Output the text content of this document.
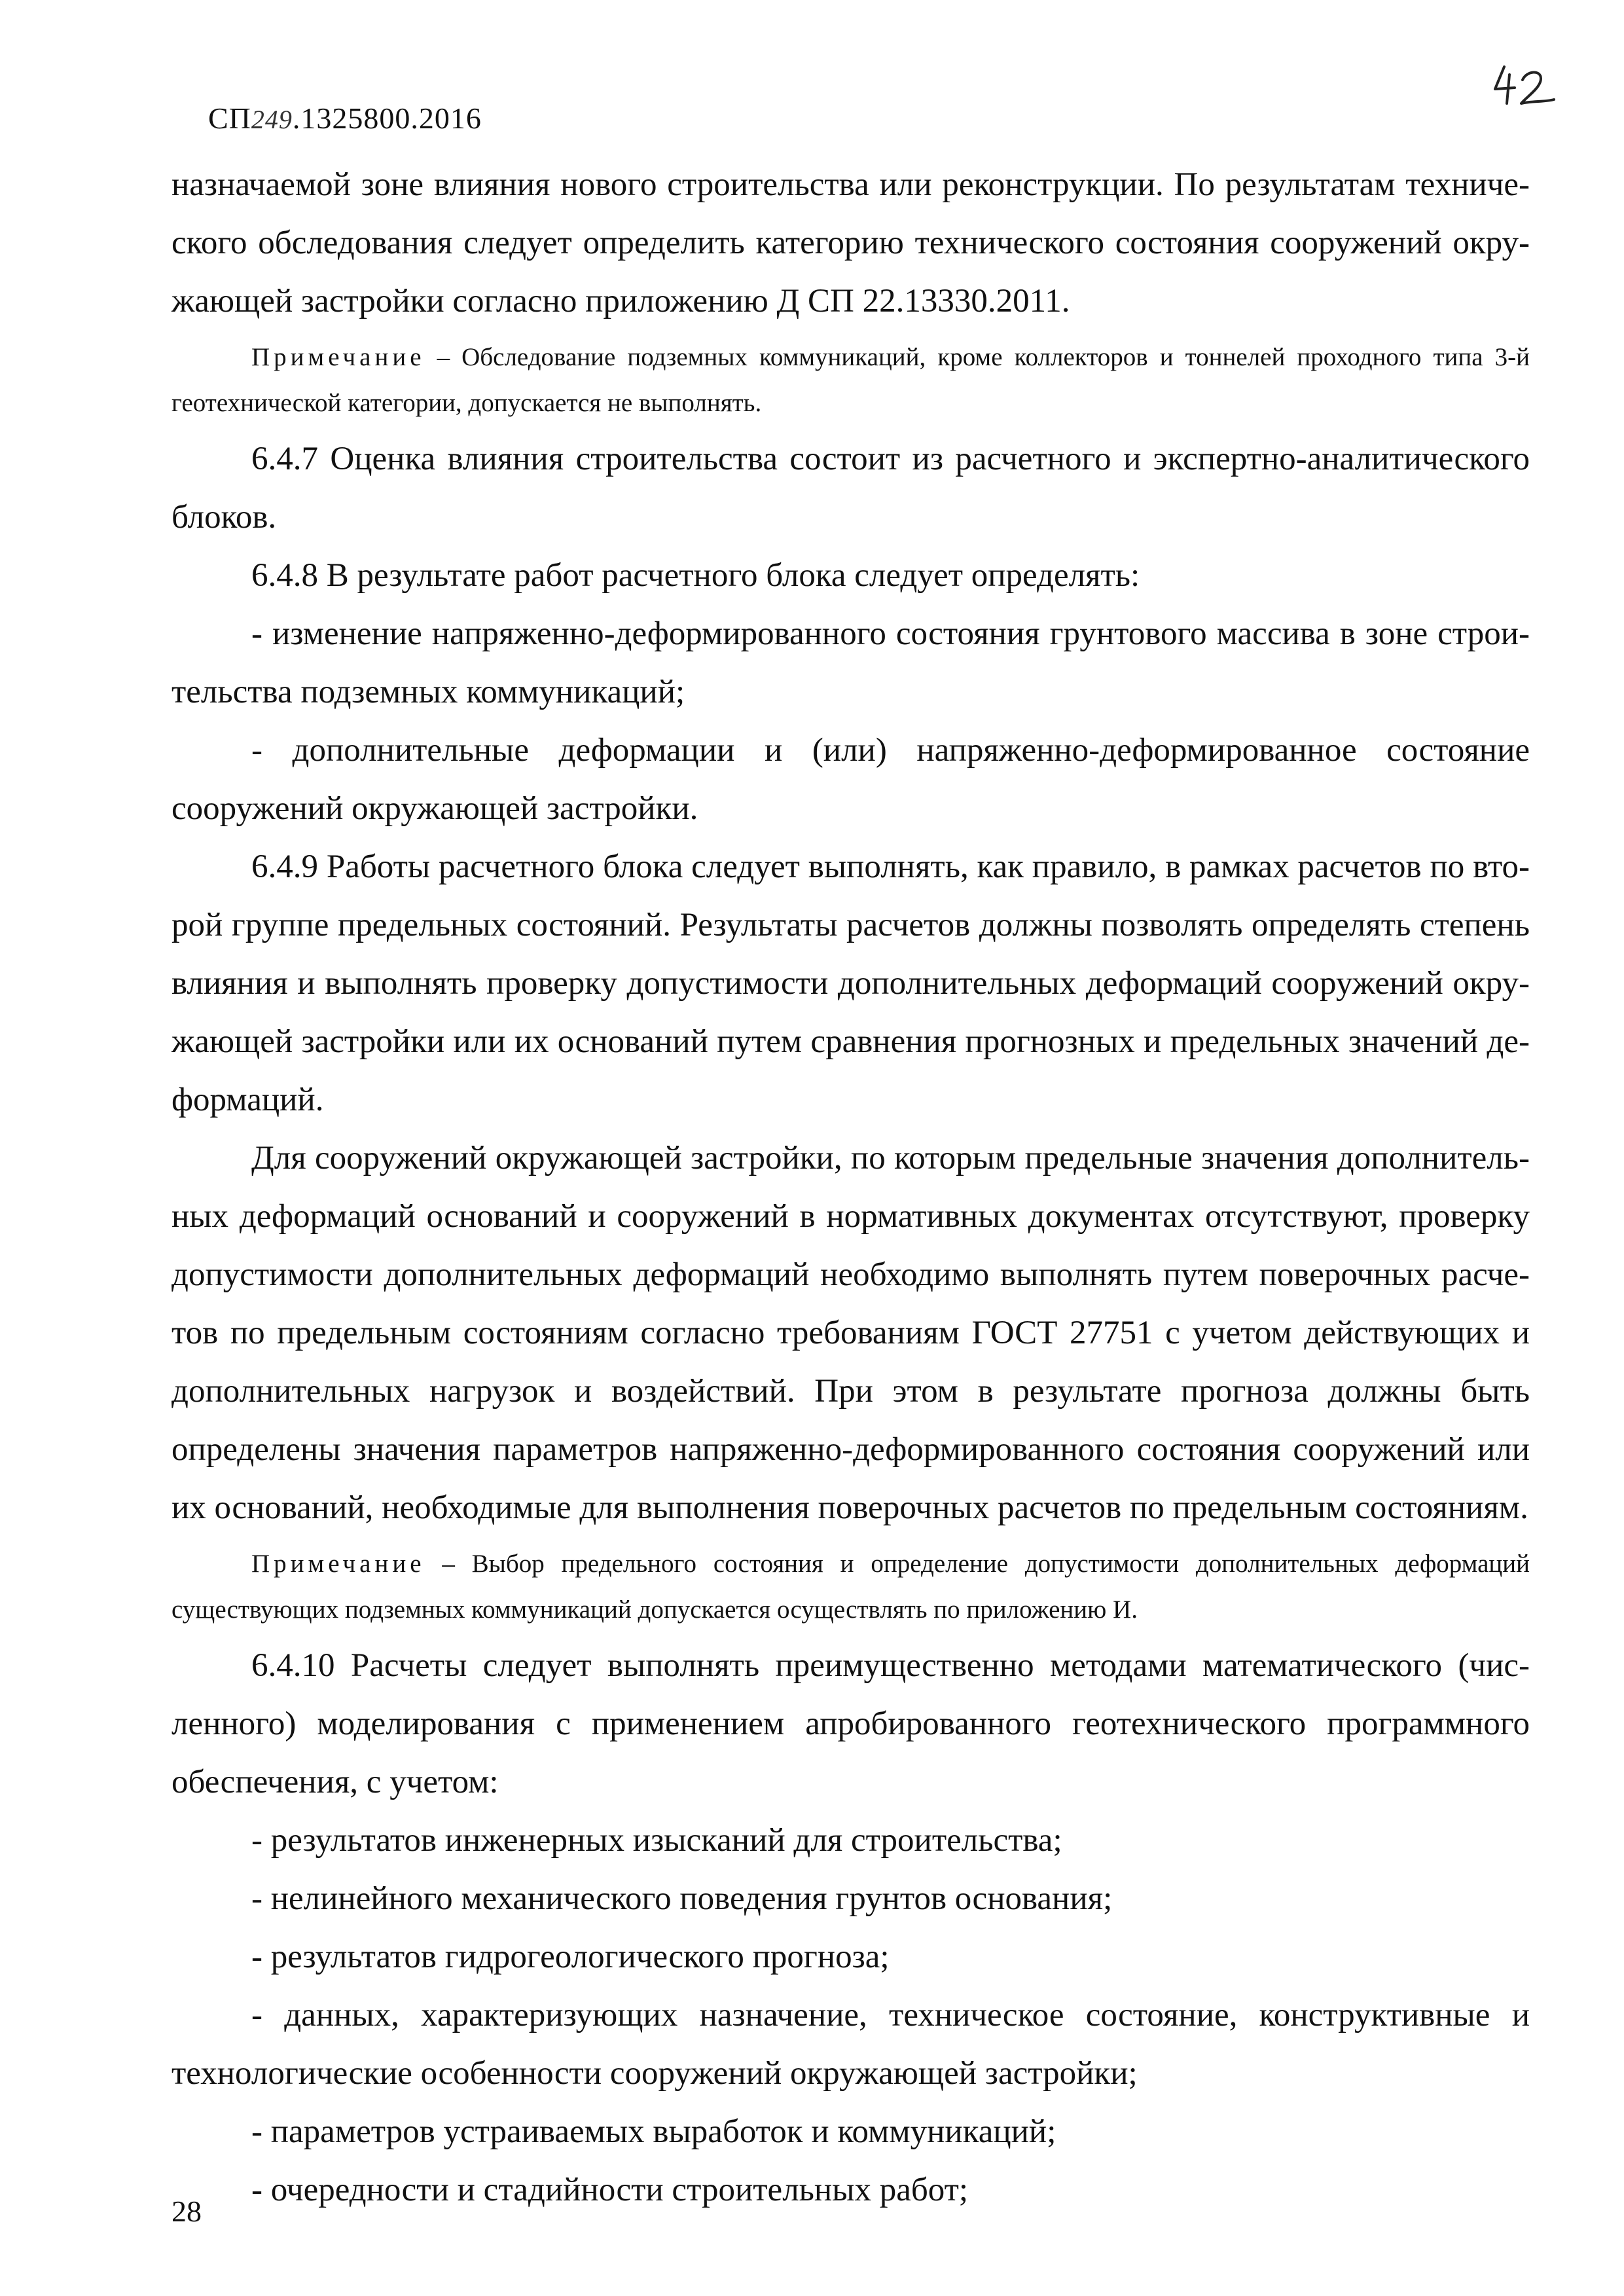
СП249.1325800.2016

назначаемой зоне влияния нового строительства или реконструкции. По результатам технического обследования следует определить категорию технического состояния сооружений окружающей застройки согласно приложению Д СП 22.13330.2011.

Примечание – Обследование подземных коммуникаций, кроме коллекторов и тоннелей проходного типа 3-й геотехнической категории, допускается не выполнять.

6.4.7 Оценка влияния строительства состоит из расчетного и экспертно-аналитического блоков.

6.4.8 В результате работ расчетного блока следует определять:

- изменение напряженно-деформированного состояния грунтового массива в зоне строительства подземных коммуникаций;

- дополнительные деформации и (или) напряженно-деформированное состояние сооружений окружающей застройки.

6.4.9 Работы расчетного блока следует выполнять, как правило, в рамках расчетов по второй группе предельных состояний. Результаты расчетов должны позволять определять степень влияния и выполнять проверку допустимости дополнительных деформаций сооружений окружающей застройки или их оснований путем сравнения прогнозных и предельных значений деформаций.

Для сооружений окружающей застройки, по которым предельные значения дополнительных деформаций оснований и сооружений в нормативных документах отсутствуют, проверку допустимости дополнительных деформаций необходимо выполнять путем поверочных расчетов по предельным состояниям согласно требованиям ГОСТ 27751 с учетом действующих и дополнительных нагрузок и воздействий. При этом в результате прогноза должны быть определены значения параметров напряженно-деформированного состояния сооружений или их оснований, необходимые для выполнения поверочных расчетов по предельным состояниям.

Примечание – Выбор предельного состояния и определение допустимости дополнительных деформаций существующих подземных коммуникаций допускается осуществлять по приложению И.

6.4.10 Расчеты следует выполнять преимущественно методами математического (численного) моделирования с применением апробированного геотехнического программного обеспечения, с учетом:

- результатов инженерных изысканий для строительства;

- нелинейного механического поведения грунтов основания;

- результатов гидрогеологического прогноза;

- данных, характеризующих назначение, техническое состояние, конструктивные и технологические особенности сооружений окружающей застройки;

- параметров устраиваемых выработок и коммуникаций;

- очередности и стадийности строительных работ;

28
